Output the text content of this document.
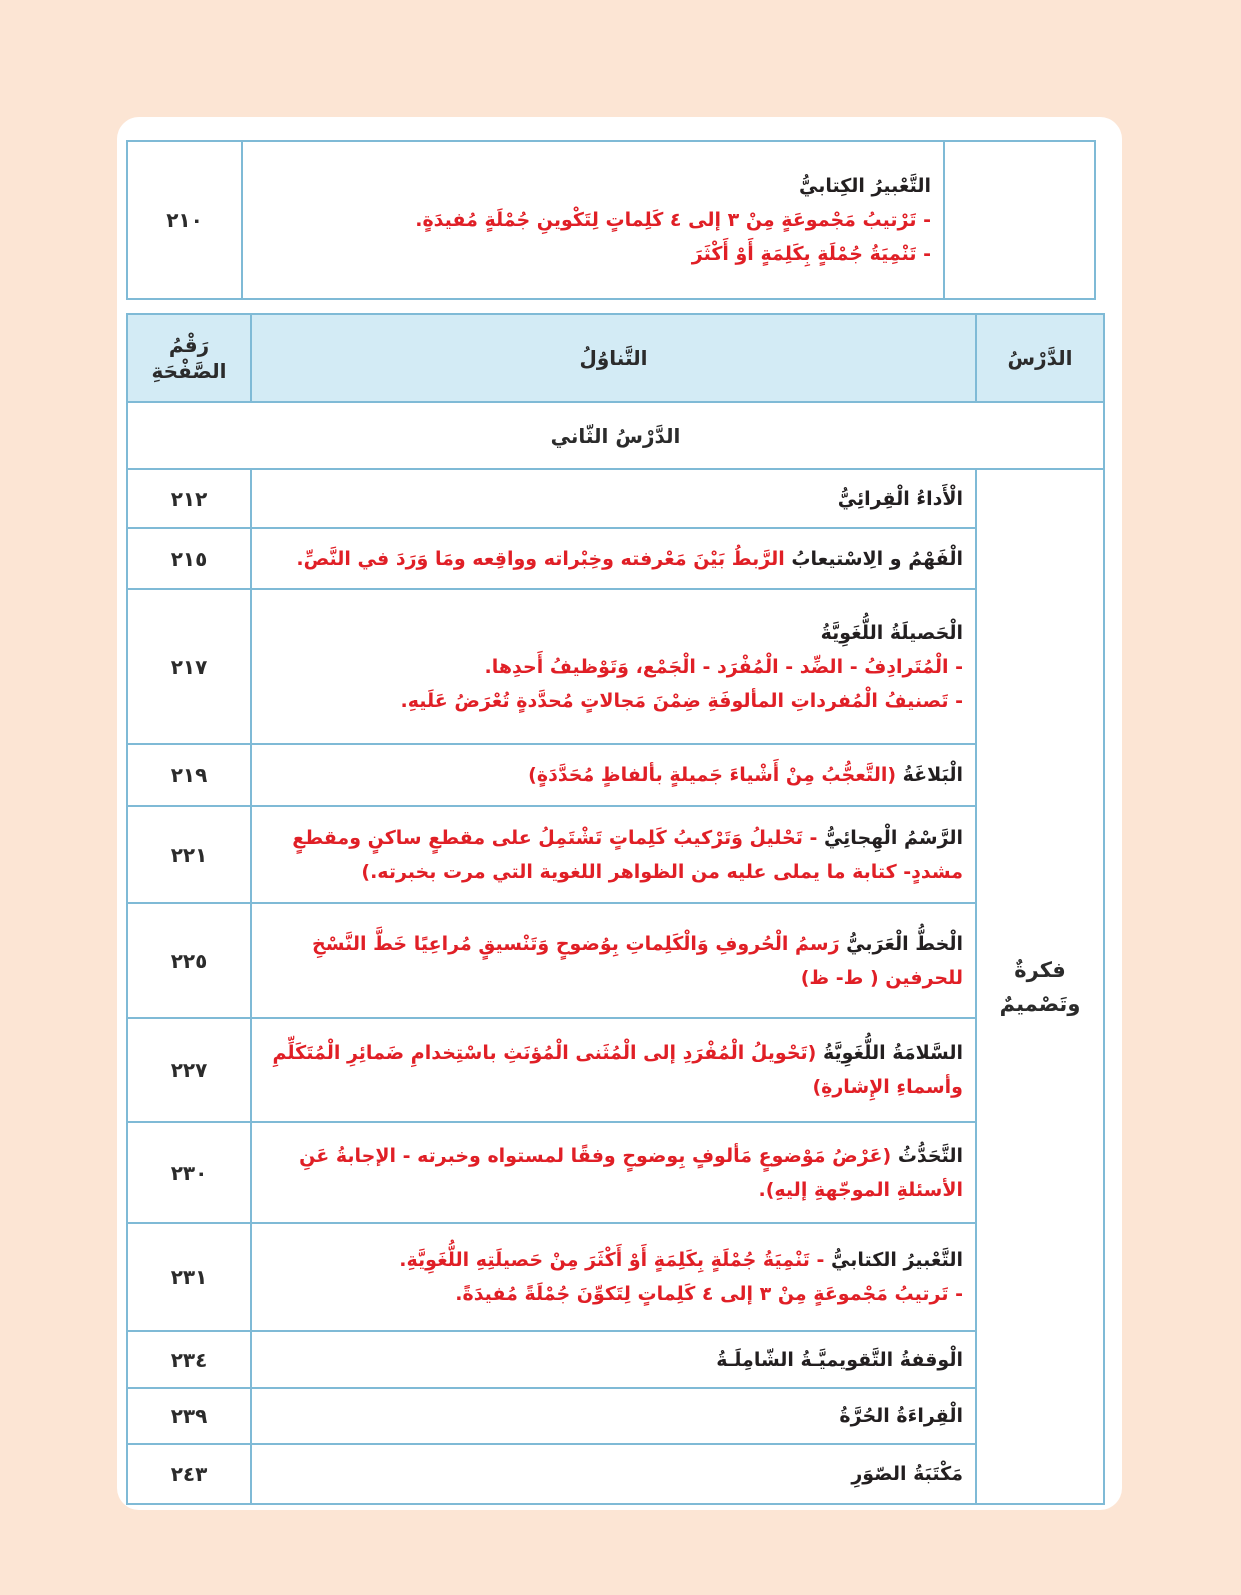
التَّعْبيرُ الكِتابيُّ
- تَرْتيبُ مَجْموعَةٍ مِنْ ٣ إلى ٤ كَلِماتٍ لِتَكْوينِ جُمْلَةٍ مُفيدَةٍ.
- تَنْمِيَةُ جُمْلَةٍ بِكَلِمَةٍ أَوْ أَكْثَرَ
	٢١٠
الدَّرْسُ	التَّناوُلُ	رَقْمُ
الصَّفْحَةِ

الدَّرْسُ الثّاني		

فكرةٌ
وتَصْميمٌ	الْأَداءُ الْقِرائِيُّ	٢١٢
	الْفَهْمُ و الِاسْتيعابُ الرَّبطُ بَيْنَ مَعْرفته وخِبْراته وواقِعه ومَا وَرَدَ في النَّصِّ.	٢١٥

	الْحَصيلَةُ اللُّغَوِيَّةُ
- الْمُتَرادِفُ - الضِّد - الْمُفْرَد - الْجَمْع، وَتَوْظيفُ أَحدِها.
- تَصنيفُ الْمُفرداتِ المألوفَةِ ضِمْنَ مَجالاتٍ مُحدَّدةٍ تُعْرَضُ عَلَيهِ.	٢١٧
	الْبَلاغَةُ (التَّعجُّبُ مِنْ أَشْياءَ جَميلةٍ بألفاظٍ مُحَدَّدَةٍ)	٢١٩
	الرَّسْمُ الْهِجائِيُّ - تَحْليلُ وَتَرْكيبُ كَلِماتٍ تَشْتَمِلُ على مقطعٍ ساكنٍ ومقطعٍ مشددٍ- كتابة ما يملى عليه من الظواهر اللغوية التي مرت بخبرته.)	٢٢١
	الْخطُّ الْعَرَبيُّ رَسمُ الْحُروفِ وَالْكَلِماتِ بِوُضوحٍ وَتَنْسيقٍ مُراعِيًا خَطَّ النَّسْخِ للحرفين ( ط- ظ)	٢٢٥
	السَّلامَةُ اللُّغَوِيَّةُ (تَحْويلُ الْمُفْرَدِ إلى الْمُثَنى الْمُؤنَثِ باسْتِخدامِ ضَمائِرِ الْمُتَكَلِّمِ وأسماءِ الإِشارةِ)	٢٢٧
	التَّحَدُّثُ (عَرْضُ مَوْضوعٍ مَألوفٍ بِوضوحٍ وفقًا لمستواه وخبرته - الإجابةُ عَنِ الأسئلةِ الموجّهةِ إليهِ).	٢٣٠
	التَّعْبيرُ الكتابيُّ - تَنْمِيَةُ جُمْلَةٍ بِكَلِمَةٍ أَوْ أَكْثَرَ مِنْ حَصيلَتِهِ اللُّغَوِيَّةِ.
- تَرتيبُ مَجْموعَةٍ مِنْ ٣ إلى ٤ كَلِماتٍ لِتَكوِّنَ جُمْلَةً مُفيدَةً.	٢٣١
	الْوقفةُ التَّقويميَّـةُ الشّامِلَـةُ	٢٣٤
	الْقِراءَةُ الحُرَّةُ	٢٣٩
	مَكْتَبَةُ الصّوَرِ	٢٤٣
